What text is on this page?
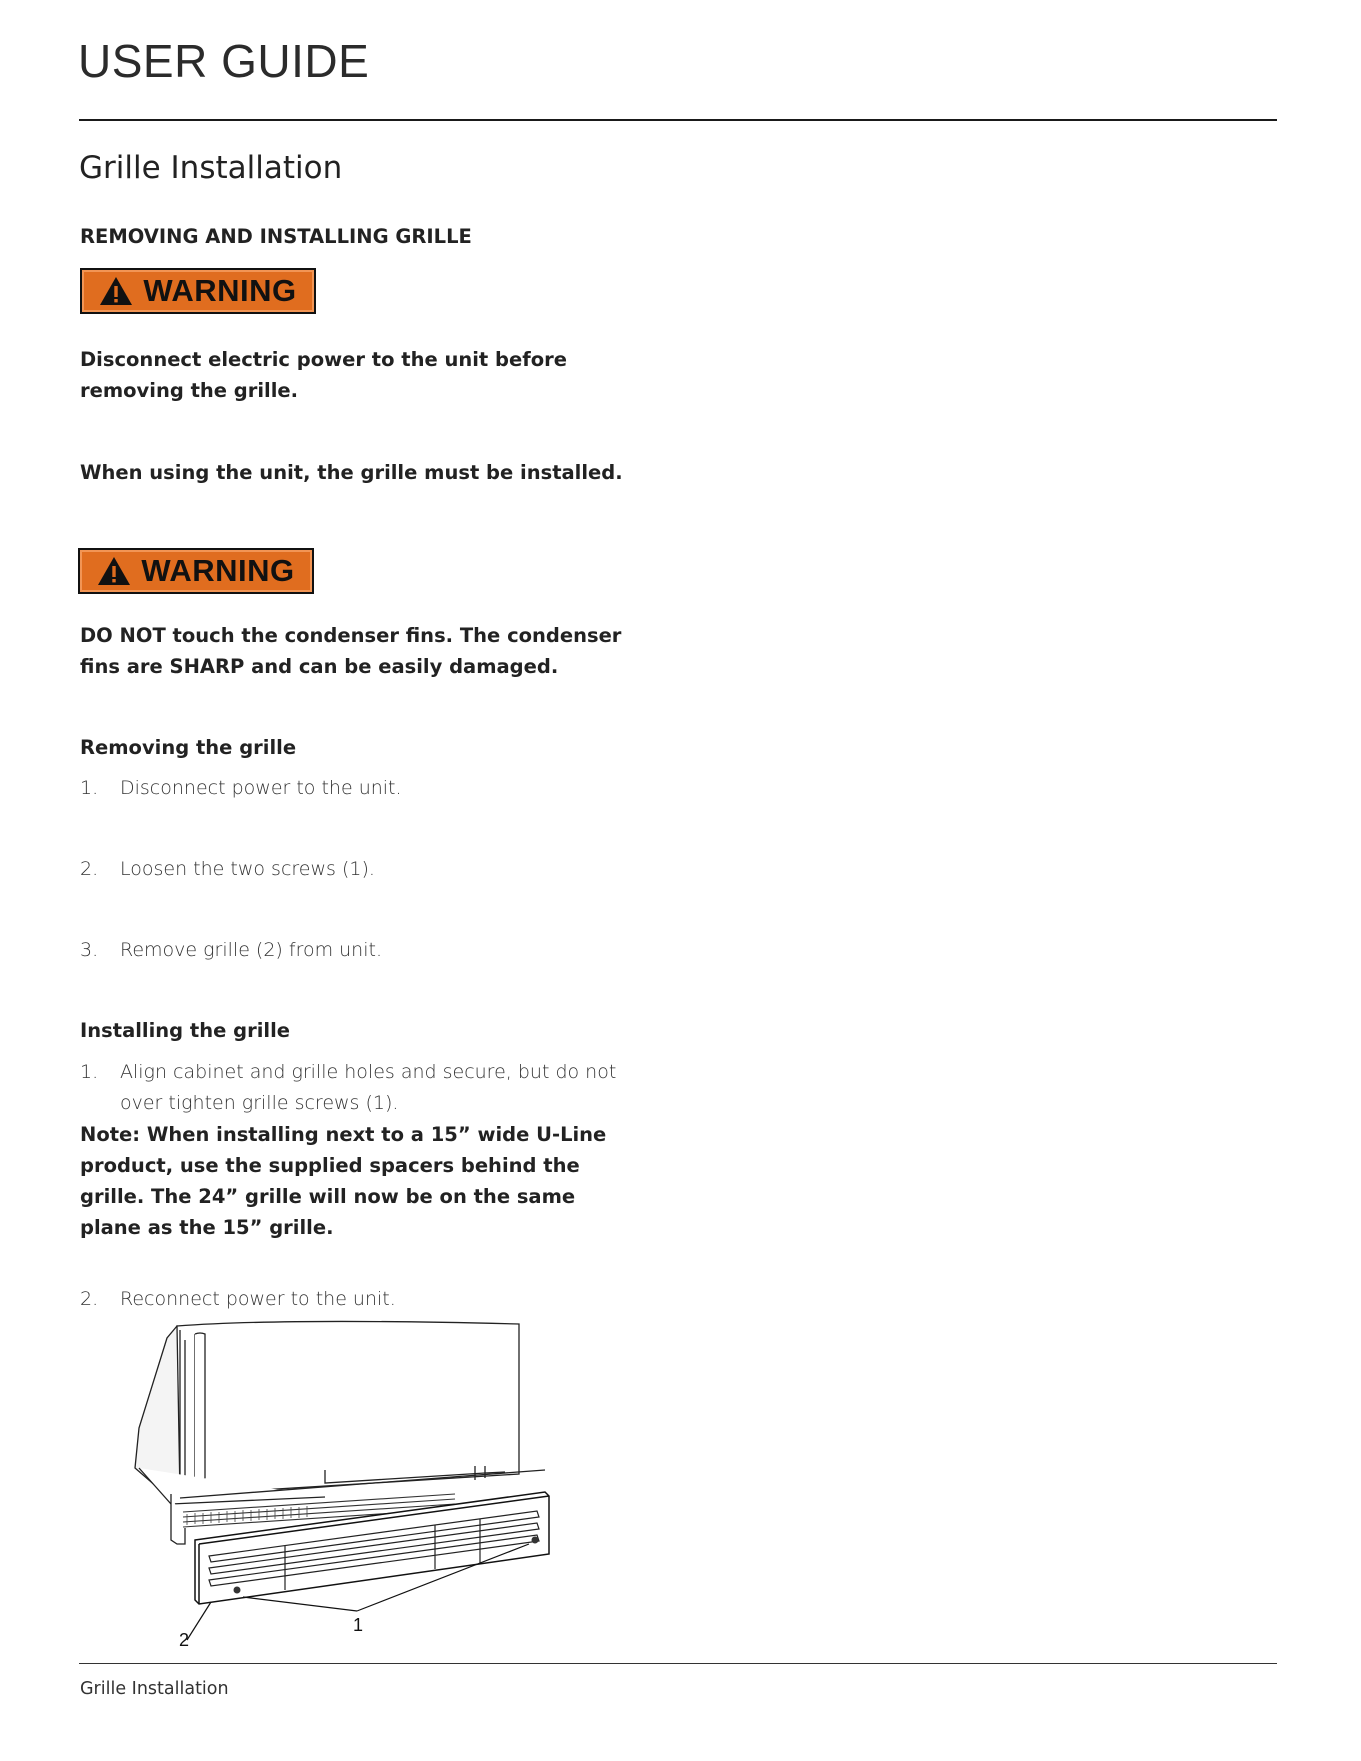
USER GUIDE
Grille Installation

REMOVING AND INSTALLING GRILLE

WARNING

Disconnect electric power to the unit before removing the grille.

When using the unit, the grille must be installed.

WARNING

DO NOT touch the condenser fins. The condenser fins are SHARP and can be easily damaged.

Removing the grille

1.	Disconnect power to the unit.
2.	Loosen the two screws (1).
3.	Remove grille (2) from unit.

Installing the grille

1.	Align cabinet and grille holes and secure, but do not over tighten grille screws (1).

Note: When installing next to a 15” wide U-Line product, use the supplied spacers behind the grille. The 24” grille will now be on the same plane as the 15” grille.

2.	Reconnect power to the unit.
1
2
Grille Installation
